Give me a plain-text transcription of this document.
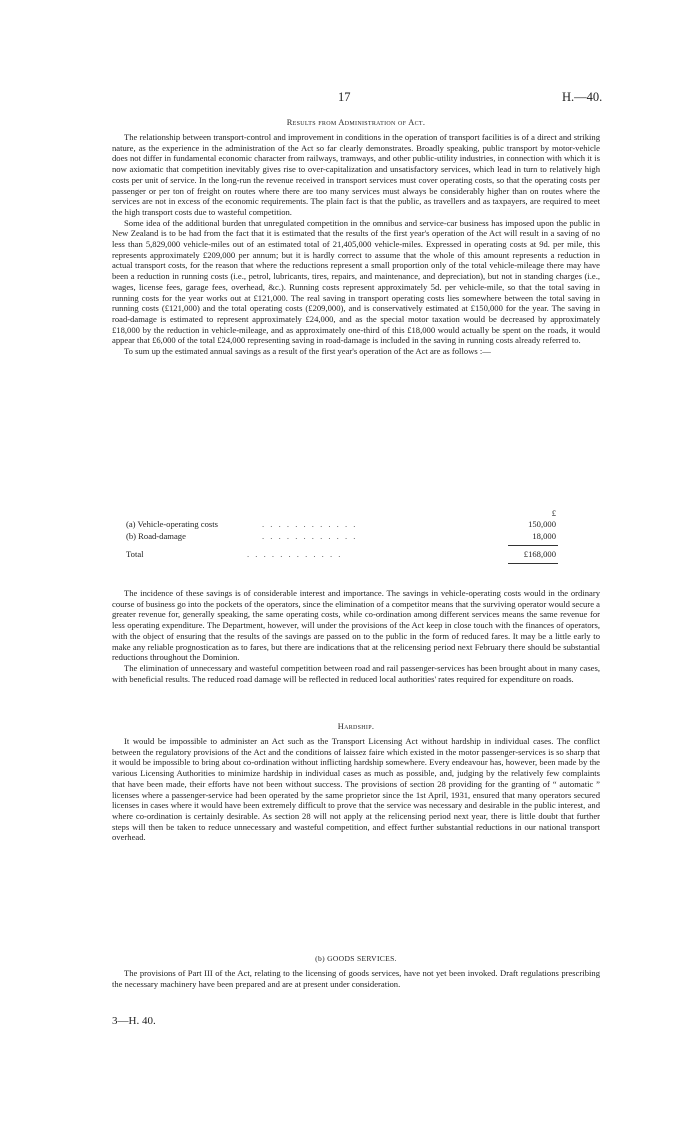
17	H.—40.
Results from Administration of Act.

The relationship between transport-control and improvement in conditions in the operation of transport facilities is of a direct and striking nature, as the experience in the administration of the Act so far clearly demonstrates. Broadly speaking, public transport by motor-vehicle does not differ in fundamental economic character from railways, tramways, and other public-utility industries, in connection with which it is now axiomatic that competition inevitably gives rise to over-capitalization and unsatisfactory services, which lead in turn to relatively high costs per unit of service. In the long-run the revenue received in transport services must cover operating costs, so that the operating costs per passenger or per ton of freight on routes where there are too many services must always be considerably higher than on routes where the services are not in excess of the economic requirements. The plain fact is that the public, as travellers and as taxpayers, are required to meet the high transport costs due to wasteful competition.

Some idea of the additional burden that unregulated competition in the omnibus and service-car business has imposed upon the public in New Zealand is to be had from the fact that it is estimated that the results of the first year's operation of the Act will result in a saving of no less than 5,829,000 vehicle-miles out of an estimated total of 21,405,000 vehicle-miles. Expressed in operating costs at 9d. per mile, this represents approximately £209,000 per annum; but it is hardly correct to assume that the whole of this amount represents a reduction in actual transport costs, for the reason that where the reductions represent a small proportion only of the total vehicle-mileage there may have been a reduction in running costs (i.e., petrol, lubricants, tires, repairs, and maintenance, and depreciation), but not in standing charges (i.e., wages, license fees, garage fees, overhead, &c.). Running costs represent approximately 5d. per vehicle-mile, so that the total saving in running costs for the year works out at £121,000. The real saving in transport operating costs lies somewhere between the total saving in running costs (£121,000) and the total operating costs (£209,000), and is conservatively estimated at £150,000 for the year. The saving in road-damage is estimated to represent approximately £24,000, and as the special motor taxation would be decreased by approximately £18,000 by the reduction in vehicle-mileage, and as approximately one-third of this £18,000 would actually be spent on the roads, it would appear that £6,000 of the total £24,000 representing saving in road-damage is included in the saving in running costs already referred to.

To sum up the estimated annual savings as a result of the first year's operation of the Act are as follows :—

£
. . . . . . . . . . . .
(a) Vehicle-operating costs	150,000
. . . . . . . . . . . .
(b) Road-damage	18,000
. . . . . . . . . . . .
Total	£168,000

The incidence of these savings is of considerable interest and importance. The savings in vehicle-operating costs would in the ordinary course of business go into the pockets of the operators, since the elimination of a competitor means that the surviving operator would secure a greater revenue for, generally speaking, the same operating costs, while co-ordination among different services means the same revenue for less operating expenditure. The Department, however, will under the provisions of the Act keep in close touch with the finances of operators, with the object of ensuring that the results of the savings are passed on to the public in the form of reduced fares. It may be a little early to make any reliable prognostication as to fares, but there are indications that at the relicensing period next February there should be substantial reductions throughout the Dominion.

The elimination of unnecessary and wasteful competition between road and rail passenger-services has been brought about in many cases, with beneficial results. The reduced road damage will be reflected in reduced local authorities' rates required for expenditure on roads.

Hardship.

It would be impossible to administer an Act such as the Transport Licensing Act without hardship in individual cases. The conflict between the regulatory provisions of the Act and the conditions of laissez faire which existed in the motor passenger-services is so sharp that it would be impossible to bring about co-ordination without inflicting hardship somewhere. Every endeavour has, however, been made by the various Licensing Authorities to minimize hardship in individual cases as much as possible, and, judging by the relatively few complaints that have been made, their efforts have not been without success. The provisions of section 28 providing for the granting of “ automatic ” licenses where a passenger-service had been operated by the same proprietor since the 1st April, 1931, ensured that many operators secured licenses in cases where it would have been extremely difficult to prove that the service was necessary and desirable in the public interest, and where co-ordination is certainly desirable. As section 28 will not apply at the relicensing period next year, there is little doubt that further steps will then be taken to reduce unnecessary and wasteful competition, and effect further substantial reductions in our national transport overhead.

(b) GOODS SERVICES.

The provisions of Part III of the Act, relating to the licensing of goods services, have not yet been invoked. Draft regulations prescribing the necessary machinery have been prepared and are at present under consideration.

3—H. 40.
